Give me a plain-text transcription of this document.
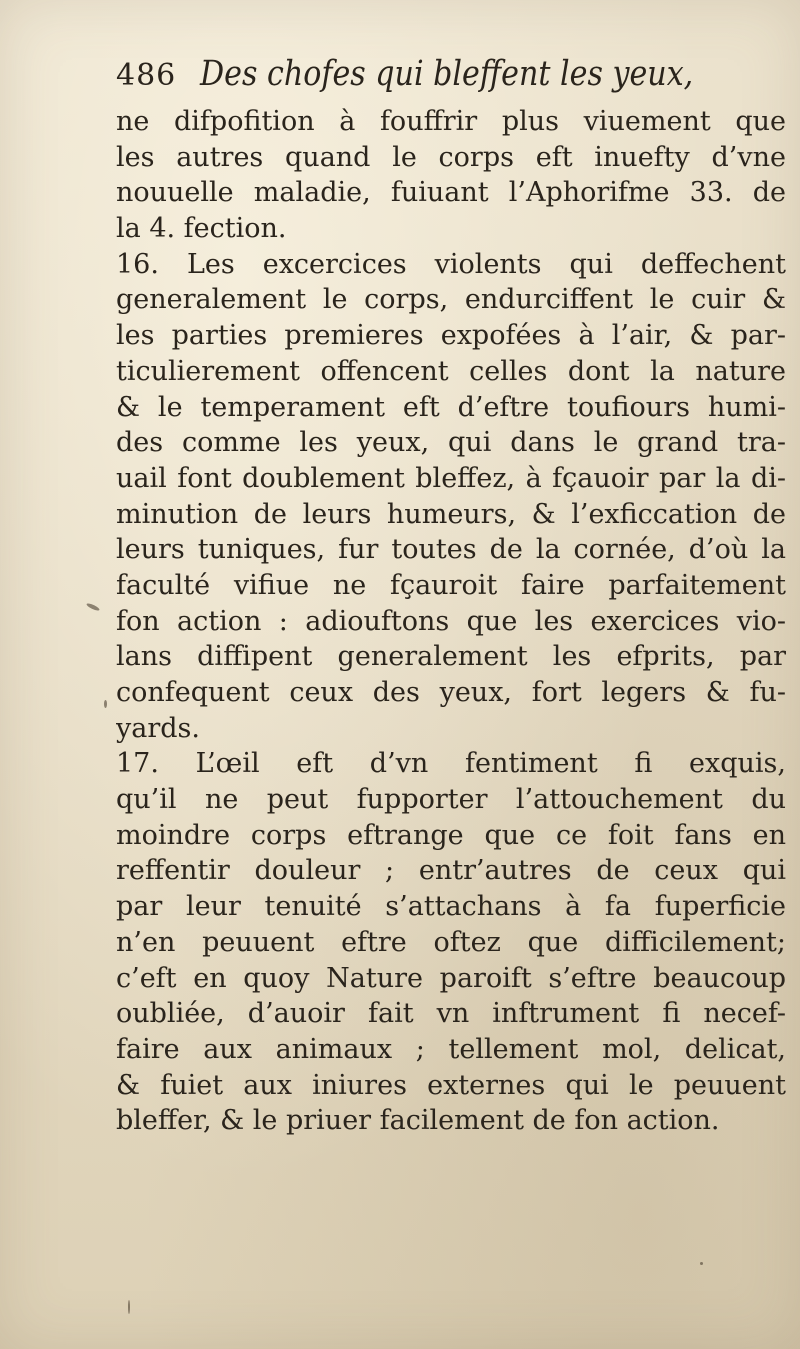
486 Des chofes qui bleffent les yeux,
ne difpofition à fouffrir plus viuement que
les autres quand le corps eft inuefty d’vne
nouuelle maladie, fuiuant l’Aphorifme 33. de
la 4. fection.
16. Les excercices violents qui deffechent
generalement le corps, endurciffent le cuir &
les parties premieres expofées à l’air, & par-
ticulierement offencent celles dont la nature
& le temperament eft d’eftre toufiours humi-
des comme les yeux, qui dans le grand tra-
uail font doublement bleffez, à fçauoir par la di-
minution de leurs humeurs, & l’exficcation de
leurs tuniques, fur toutes de la cornée, d’où la
faculté vifiue ne fçauroit faire parfaitement
fon action : adiouftons que les exercices vio-
lans diffipent generalement les efprits, par
confequent ceux des yeux, fort legers & fu-
yards.
17. L’œil eft d’vn fentiment fi exquis,
qu’il ne peut fupporter l’attouchement du
moindre corps eftrange que ce foit fans en
reffentir douleur ; entr’autres de ceux qui
par leur tenuité s’attachans à fa fuperficie
n’en peuuent eftre oftez que difficilement;
c’eft en quoy Nature paroift s’eftre beaucoup
oubliée, d’auoir fait vn inftrument fi necef-
faire aux animaux ; tellement mol, delicat,
& fuiet aux iniures externes qui le peuuent
bleffer, & le priuer facilement de fon action.
